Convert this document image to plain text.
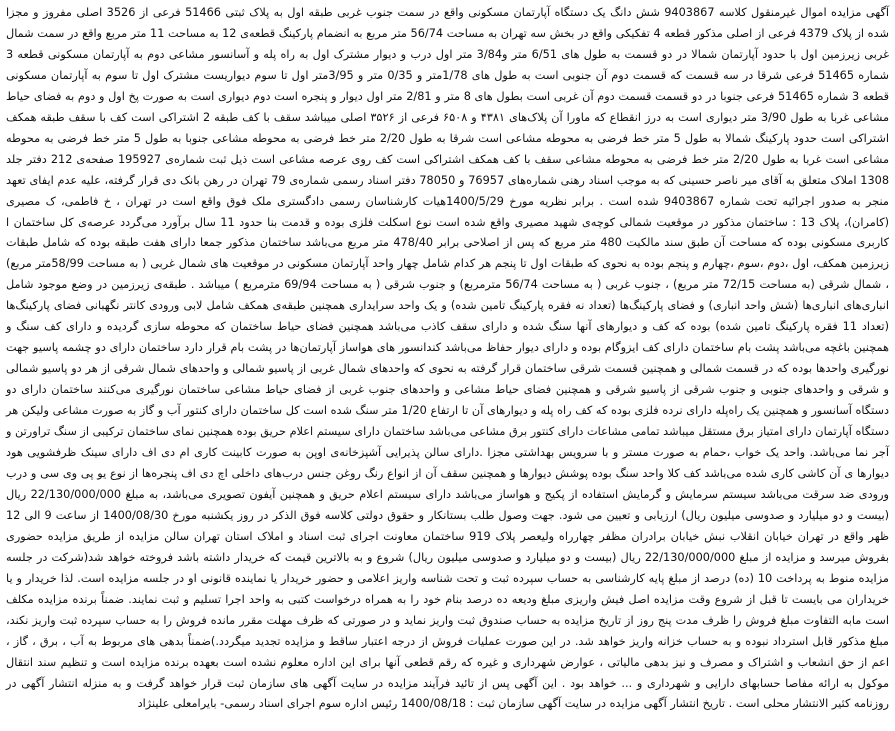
آگهی مزایده اموال غیرمنقول کلاسه 9403867 شش دانگ یک دستگاه آپارتمان مسکونی واقع در سمت جنوب غربی طبقه اول به پلاک ثبتی 51466 فرعی از 3526 اصلی مفروز و مجزا شده از پلاک 4379 فرعی از اصلی مذکور قطعه 4 تفکیکی واقع در بخش سه تهران به مساحت 56/74 متر مربع به انضمام پارکینگ قطعه‌ی 12 به مساحت 11 متر مربع واقع در سمت شمال غربی زیرزمین اول با حدود آپارتمان شمالا در دو قسمت به طول های 6/51 متر و3/84 متر اول درب و دیوار مشترک اول به راه پله و آسانسور مشاعی دوم به آپارتمان مسکونی قطعه 3 شماره 51465 فرعی شرقا در سه قسمت که قسمت دوم آن جنوبی است به طول های 1/78متر و 0/35 متر و 3/95متر اول تا سوم دیواریست مشترک اول تا سوم به آپارتمان مسکونی قطعه 3 شماره 51465 فرعی جنوبا در دو قسمت قسمت دوم آن غربی است بطول های 8 متر و 2/81 متر اول دیوار و پنجره است دوم دیواری است به صورت پخ اول و دوم به فضای حیاط مشاعی غربا به طول 3/90 متر دیواری است به درز انقطاع که ماورا آن پلاک‌های ۴۳۸۱ و ۶۵۰۸ فرعی از ۳۵۲۶ اصلی میباشد سقف با کف طبقه 2 اشتراکی است کف با سقف طبقه همکف اشتراکی است حدود پارکینگ شمالا به طول 5 متر خط فرضی به محوطه مشاعی است شرقا به طول 2/20 متر خط فرضی به محوطه مشاعی جنوبا به طول 5 متر خط فرضی به محوطه مشاعی است غربا به طول 2/20 متر خط فرضی به محوطه مشاعی سقف با کف همکف اشتراکی است کف روی عرصه مشاعی است ذیل ثبت شماره‌ی 195927 صفحه‌ی 212 دفتر جلد 1308 املاک متعلق به آقای میر ناصر حسینی که به موجب اسناد رهنی شماره‌های 76957 و 78050 دفتر اسناد رسمی شماره‌ی 79 تهران در رهن بانک دی قرار گرفته، علیه عدم ایفای تعهد منجر به صدور اجرائیه تحت شماره 9403867 شده است . برابر نظریه مورخ 1400/5/29هیات کارشناسان رسمی دادگستری ملک فوق واقع است در تهران ، خ فاطمی، ک مصیری (کامران)، پلاک 13 : ساختمان مذکور در موقعیت شمالی کوچه‌ی شهید مصیری واقع شده است نوع اسکلت فلزی بوده و قدمت بنا حدود 11 سال برآورد می‌گردد عرصه‌ی کل ساختمان ا کاربری مسکونی بوده که مساحت آن طبق سند مالکیت 480 متر مربع که پس از اصلاحی برابر 478/40 متر مربع می‌باشد ساختمان مذکور جمعا دارای هفت طبقه بوده که شامل طبقات زیرزمین همکف، اول ،دوم ،سوم ،چهارم و پنجم بوده به نحوی که طبقات اول تا پنجم هر کدام شامل چهار واحد آپارتمان مسکونی در موقعیت های شمال غربی ( به مساحت 58/99متر مربع) ، شمال شرقی (به مساحت 72/15 متر مربع) ، جنوب غربی ( به مساحت 56/74 مترمربع) و جنوب شرقی ( به مساحت 69/94 مترمربع ) میباشد . طبقه‌ی زیرزمین در وضع موجود شامل انباری‌های انباری‌ها (شش واحد انباری) و فضای پارکینگ‌ها (تعداد نه فقره پارکینگ تامین شده) و یک واحد سرایداری همچنین طبقه‌ی همکف شامل لابی ورودی کانتر نگهبانی فضای پارکینگ‌ها (تعداد 11 فقره پارکینگ تامین شده) بوده که کف و دیوارهای آنها سنگ شده و دارای سقف کاذب می‌باشد همچنین فضای حیاط ساختمان که محوطه سازی گردیده و دارای کف سنگ و همچنین باغچه می‌باشد پشت بام ساختمان دارای کف ایزوگام بوده و دارای دیوار حفاظ می‌باشد کندانسور های هواساز آپارتمان‌ها در پشت بام قرار دارد ساختمان دارای دو چشمه پاسیو جهت نورگیری واحدها بوده که در قسمت شمالی و همچنین قسمت شرقی ساختمان قرار گرفته به نحوی که واحدهای شمال غربی از پاسیو شمالی و واحدهای شمال شرقی از هر دو پاسیو شمالی و شرقی و واحدهای جنوبی و جنوب شرقی از پاسیو شرقی و همچنین فضای حیاط مشاعی و واحدهای جنوب غربی از فضای حیاط مشاعی ساختمان نورگیری می‌کنند ساختمان دارای دو دستگاه آسانسور و همچنین یک راه‌پله دارای نرده فلزی بوده که کف راه پله و دیوارهای آن تا ارتفاع 1/20 متر سنگ شده است کل ساختمان دارای کنتور آب و گاز به صورت مشاعی ولیکن هر دستگاه آپارتمان دارای امتیاز برق مستقل میباشد تمامی مشاعات دارای کنتور برق مشاعی می‌باشد ساختمان دارای سیستم اعلام حریق بوده همچنین نمای ساختمان ترکیبی از سنگ تراورتن و آجر نما می‌باشد. واحد یک خواب ،حمام به صورت مستر و با سرویس بهداشتی مجزا .دارای سالن پذیرایی آشپزخانه‌ی اوپن به صورت کابینت کاری ام دی اف دارای سینک ظرفشویی هود دیوارها ی آن کاشی کاری شده می‌باشد کف کلا واحد سنگ بوده پوشش دیوارها و همچنین سقف آن از انواع رنگ روغن جنس درب‌های داخلی اچ دی اف پنجره‌ها از نوع یو پی وی سی و درب ورودی ضد سرقت می‌باشد سیستم سرمایش و گرمایش استفاده از پکیج و هواساز می‌باشد دارای سیستم اعلام حریق و همچنین آیفون تصویری می‌باشد، به مبلغ 22/130/000/000 ریال (بیست و دو میلیارد و صدوسی میلیون ریال) ارزیابی و تعیین می شود. جهت وصول طلب بستانکار و حقوق دولتی کلاسه فوق الذکر در روز یکشنبه مورخ 1400/08/30 از ساعت 9 الی 12 ظهر واقع در تهران خیابان انقلاب نبش خیابان برادران مظفر چهارراه ولیعصر پلاک 919 ساختمان معاونت اجرای ثبت اسناد و املاک استان تهران سالن مزایده از طریق مزایده حضوری بفروش میرسد و مزایده از مبلغ 22/130/000/000 ریال (بیست و دو میلیارد و صدوسی میلیون ریال) شروع و به بالاترین قیمت که خریدار داشته باشد فروخته خواهد شد(شرکت در جلسه مزایده منوط به پرداخت 10 (ده) درصد از مبلغ پایه کارشناسی به حساب سپرده ثبت و تحت شناسه واریز اعلامی و حضور خریدار یا نماینده قانونی او در جلسه مزایده است. لذا خریدار و یا خریداران می بایست تا قبل از شروع وقت مزایده اصل فیش واریزی مبلغ ودیعه ده درصد بنام خود را به همراه درخواست کتبی به واحد اجرا تسلیم و ثبت نمایند. ضمناً برنده مزایده مکلف است مابه التفاوت مبلغ فروش را ظرف مدت پنج روز از تاریخ مزایده به حساب صندوق ثبت واریز نماید و در صورتی که ظرف مهلت مقرر مانده فروش را به حساب سپرده ثبت واریز نکند، مبلغ مذکور قابل استرداد نبوده و به حساب خزانه واریز خواهد شد. در این صورت عملیات فروش از درجه اعتبار ساقط و مزایده تجدید میگردد.)ضمناً بدهی های مربوط به آب ، برق ، گاز ، اعم از حق انشعاب و اشتراک و مصرف و نیز بدهی مالیاتی ، عوارض شهرداری و غیره که رقم قطعی آنها برای این اداره معلوم نشده است بعهده برنده مزایده است و تنظیم سند انتقال موکول به ارائه مفاصا حسابهای دارایی و شهرداری و ... خواهد بود . این آگهی پس از تائید فرآیند مزایده در سایت آگهی های سازمان ثبت قرار خواهد گرفت و به منزله انتشار آگهی در روزنامه کثیر الانتشار محلی است . تاریخ انتشار آگهی مزایده در سایت آگهی سازمان ثبت : 1400/08/18 رئیس اداره سوم اجرای اسناد رسمی- بایرامعلی علینژاد
